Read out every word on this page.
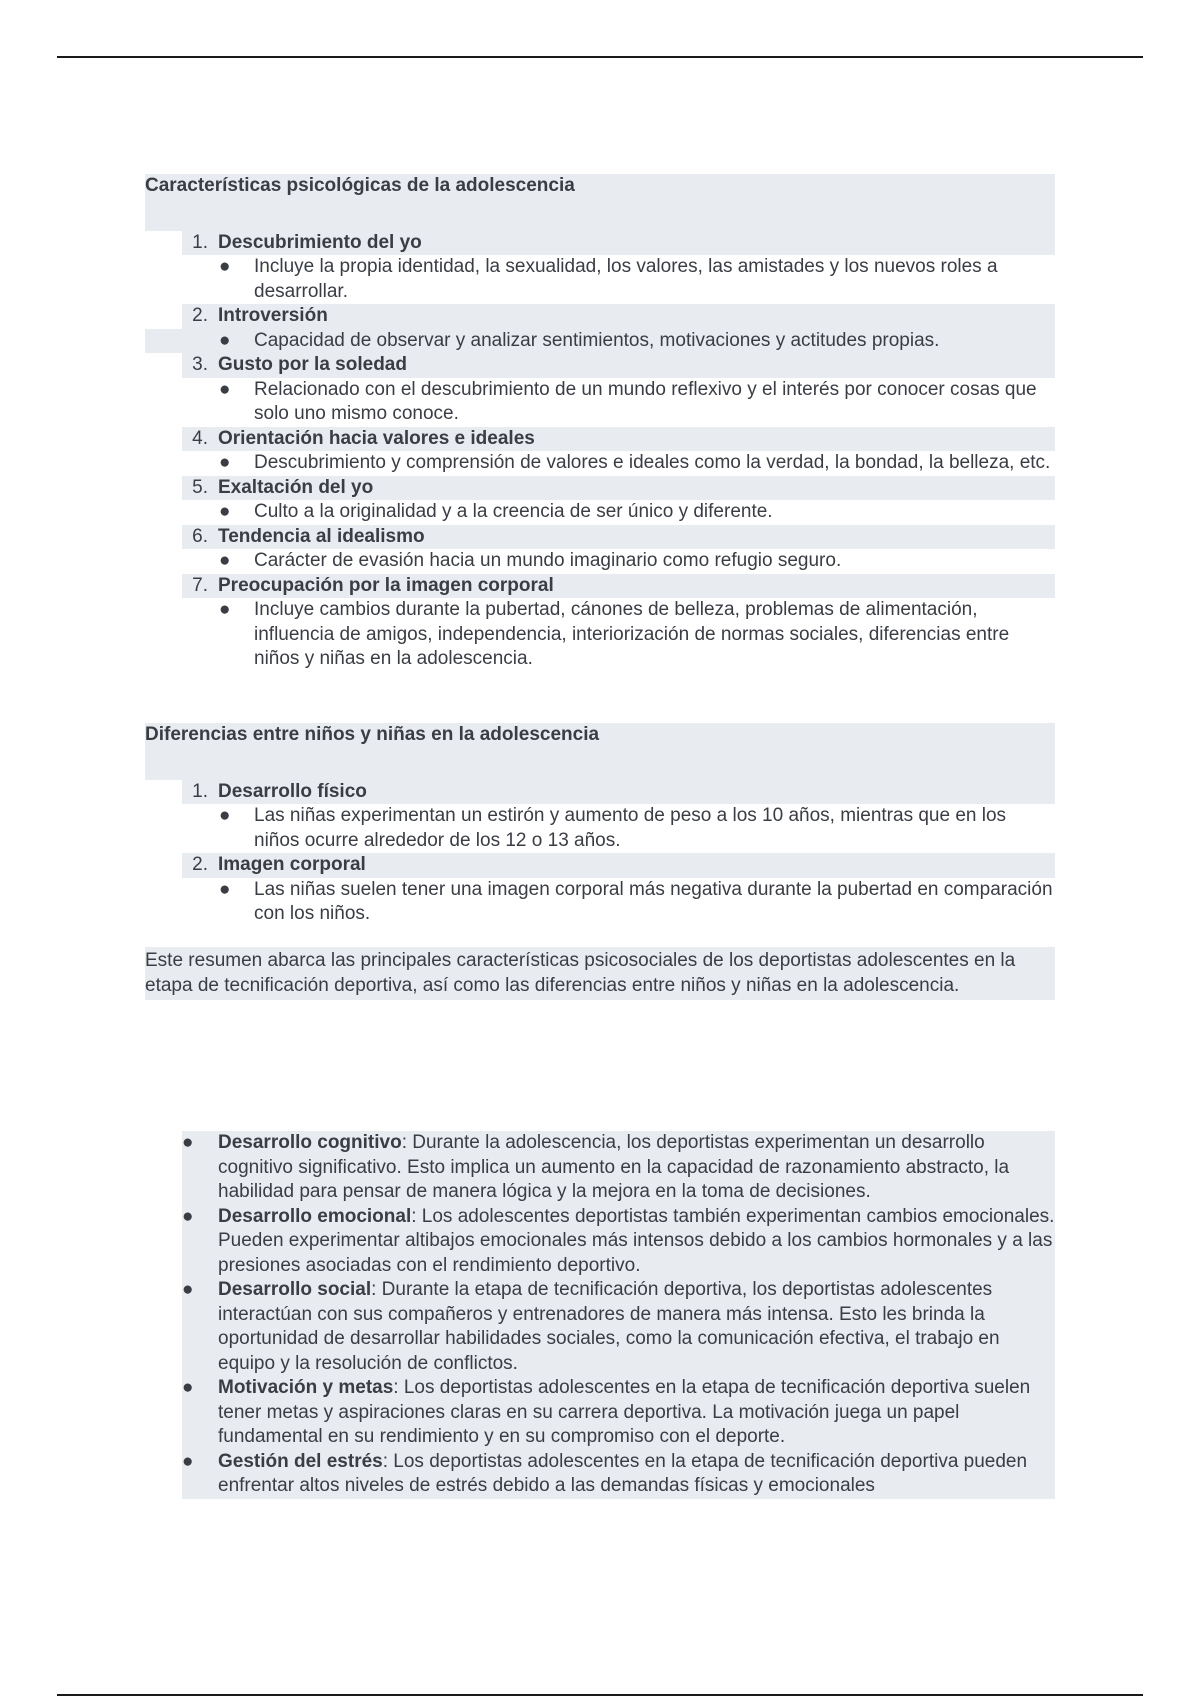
Características psicológicas de la adolescencia
1. Descubrimiento del yo
● Incluye la propia identidad, la sexualidad, los valores, las amistades y los nuevos roles a desarrollar.
2. Introversión
● Capacidad de observar y analizar sentimientos, motivaciones y actitudes propias.
3. Gusto por la soledad
● Relacionado con el descubrimiento de un mundo reflexivo y el interés por conocer cosas que solo uno mismo conoce.
4. Orientación hacia valores e ideales
● Descubrimiento y comprensión de valores e ideales como la verdad, la bondad, la belleza, etc.
5. Exaltación del yo
● Culto a la originalidad y a la creencia de ser único y diferente.
6. Tendencia al idealismo
● Carácter de evasión hacia un mundo imaginario como refugio seguro.
7. Preocupación por la imagen corporal
● Incluye cambios durante la pubertad, cánones de belleza, problemas de alimentación, influencia de amigos, independencia, interiorización de normas sociales, diferencias entre niños y niñas en la adolescencia.
Diferencias entre niños y niñas en la adolescencia
1. Desarrollo físico
● Las niñas experimentan un estirón y aumento de peso a los 10 años, mientras que en los niños ocurre alrededor de los 12 o 13 años.
2. Imagen corporal
● Las niñas suelen tener una imagen corporal más negativa durante la pubertad en comparación con los niños.

Este resumen abarca las principales características psicosociales de los deportistas adolescentes en la etapa de tecnificación deportiva, así como las diferencias entre niños y niñas en la adolescencia.

● Desarrollo cognitivo: Durante la adolescencia, los deportistas experimentan un desarrollo cognitivo significativo. Esto implica un aumento en la capacidad de razonamiento abstracto, la habilidad para pensar de manera lógica y la mejora en la toma de decisiones.
● Desarrollo emocional: Los adolescentes deportistas también experimentan cambios emocionales. Pueden experimentar altibajos emocionales más intensos debido a los cambios hormonales y a las presiones asociadas con el rendimiento deportivo.
● Desarrollo social: Durante la etapa de tecnificación deportiva, los deportistas adolescentes interactúan con sus compañeros y entrenadores de manera más intensa. Esto les brinda la oportunidad de desarrollar habilidades sociales, como la comunicación efectiva, el trabajo en equipo y la resolución de conflictos.
● Motivación y metas: Los deportistas adolescentes en la etapa de tecnificación deportiva suelen tener metas y aspiraciones claras en su carrera deportiva. La motivación juega un papel fundamental en su rendimiento y en su compromiso con el deporte.
● Gestión del estrés: Los deportistas adolescentes en la etapa de tecnificación deportiva pueden enfrentar altos niveles de estrés debido a las demandas físicas y emocionales
